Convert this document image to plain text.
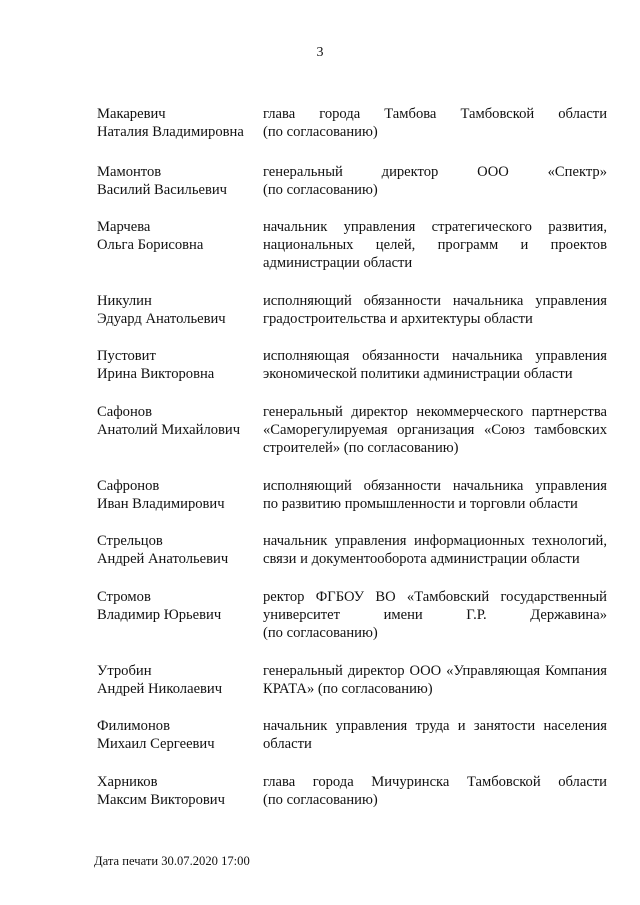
3
Макаревич
Наталия Владимировна
глава города Тамбова Тамбовской области
(по согласованию)
Мамонтов
Василий Васильевич
генеральный директор ООО «Спектр»
(по согласованию)
Марчева
Ольга Борисовна
начальник управления стратегического развития,
национальных целей, программ и проектов
администрации области
Никулин
Эдуард Анатольевич
исполняющий обязанности начальника управления
градостроительства и архитектуры области
Пустовит
Ирина Викторовна
исполняющая обязанности начальника управления
экономической политики администрации области
Сафонов
Анатолий Михайлович
генеральный директор некоммерческого партнерства
«Саморегулируемая организация «Союз тамбовских
строителей» (по согласованию)
Сафронов
Иван Владимирович
исполняющий обязанности начальника управления
по развитию промышленности и торговли области
Стрельцов
Андрей Анатольевич
начальник управления информационных технологий,
связи и документооборота администрации области
Стромов
Владимир Юрьевич
ректор ФГБОУ ВО «Тамбовский государственный
университет имени Г.Р. Державина»
(по согласованию)
Утробин
Андрей Николаевич
генеральный директор ООО «Управляющая Компания
КРАТА» (по согласованию)
Филимонов
Михаил Сергеевич
начальник управления труда и занятости населения
области
Харников
Максим Викторович
глава города Мичуринска Тамбовской области
(по согласованию)
Дата печати 30.07.2020 17:00
